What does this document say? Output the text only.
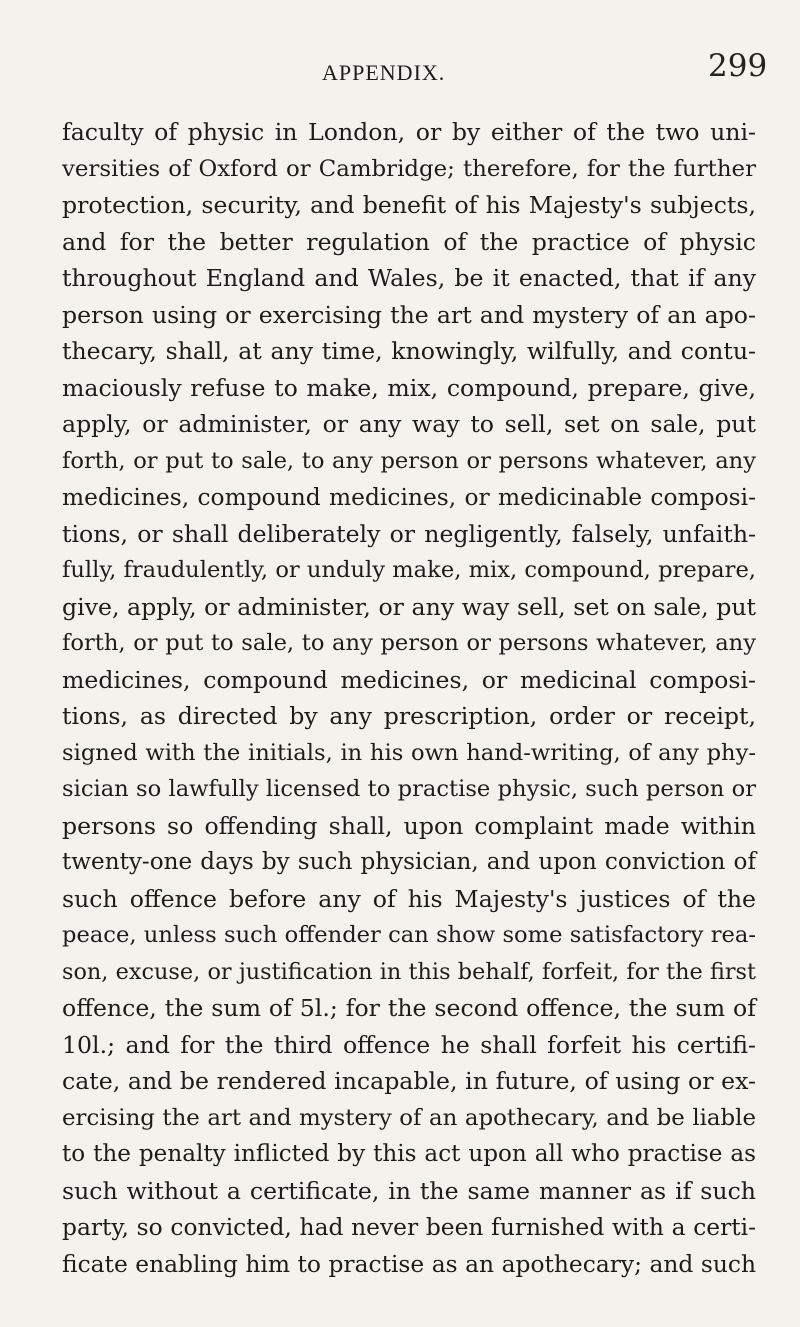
APPENDIX.	299
faculty of physic in London, or by either of the two uni-
versities of Oxford or Cambridge; therefore, for the further
protection, security, and benefit of his Majesty's subjects,
and for the better regulation of the practice of physic
throughout England and Wales, be it enacted, that if any
person using or exercising the art and mystery of an apo-
thecary, shall, at any time, knowingly, wilfully, and contu-
maciously refuse to make, mix, compound, prepare, give,
apply, or administer, or any way to sell, set on sale, put
forth, or put to sale, to any person or persons whatever, any
medicines, compound medicines, or medicinable composi-
tions, or shall deliberately or negligently, falsely, unfaith-
fully, fraudulently, or unduly make, mix, compound, prepare,
give, apply, or administer, or any way sell, set on sale, put
forth, or put to sale, to any person or persons whatever, any
medicines, compound medicines, or medicinal composi-
tions, as directed by any prescription, order or receipt,
signed with the initials, in his own hand-writing, of any phy-
sician so lawfully licensed to practise physic, such person or
persons so offending shall, upon complaint made within
twenty-one days by such physician, and upon conviction of
such offence before any of his Majesty's justices of the
peace, unless such offender can show some satisfactory rea-
son, excuse, or justification in this behalf, forfeit, for the first
offence, the sum of 5l.; for the second offence, the sum of
10l.; and for the third offence he shall forfeit his certifi-
cate, and be rendered incapable, in future, of using or ex-
ercising the art and mystery of an apothecary, and be liable
to the penalty inflicted by this act upon all who practise as
such without a certificate, in the same manner as if such
party, so convicted, had never been furnished with a certi-
ficate enabling him to practise as an apothecary; and such
